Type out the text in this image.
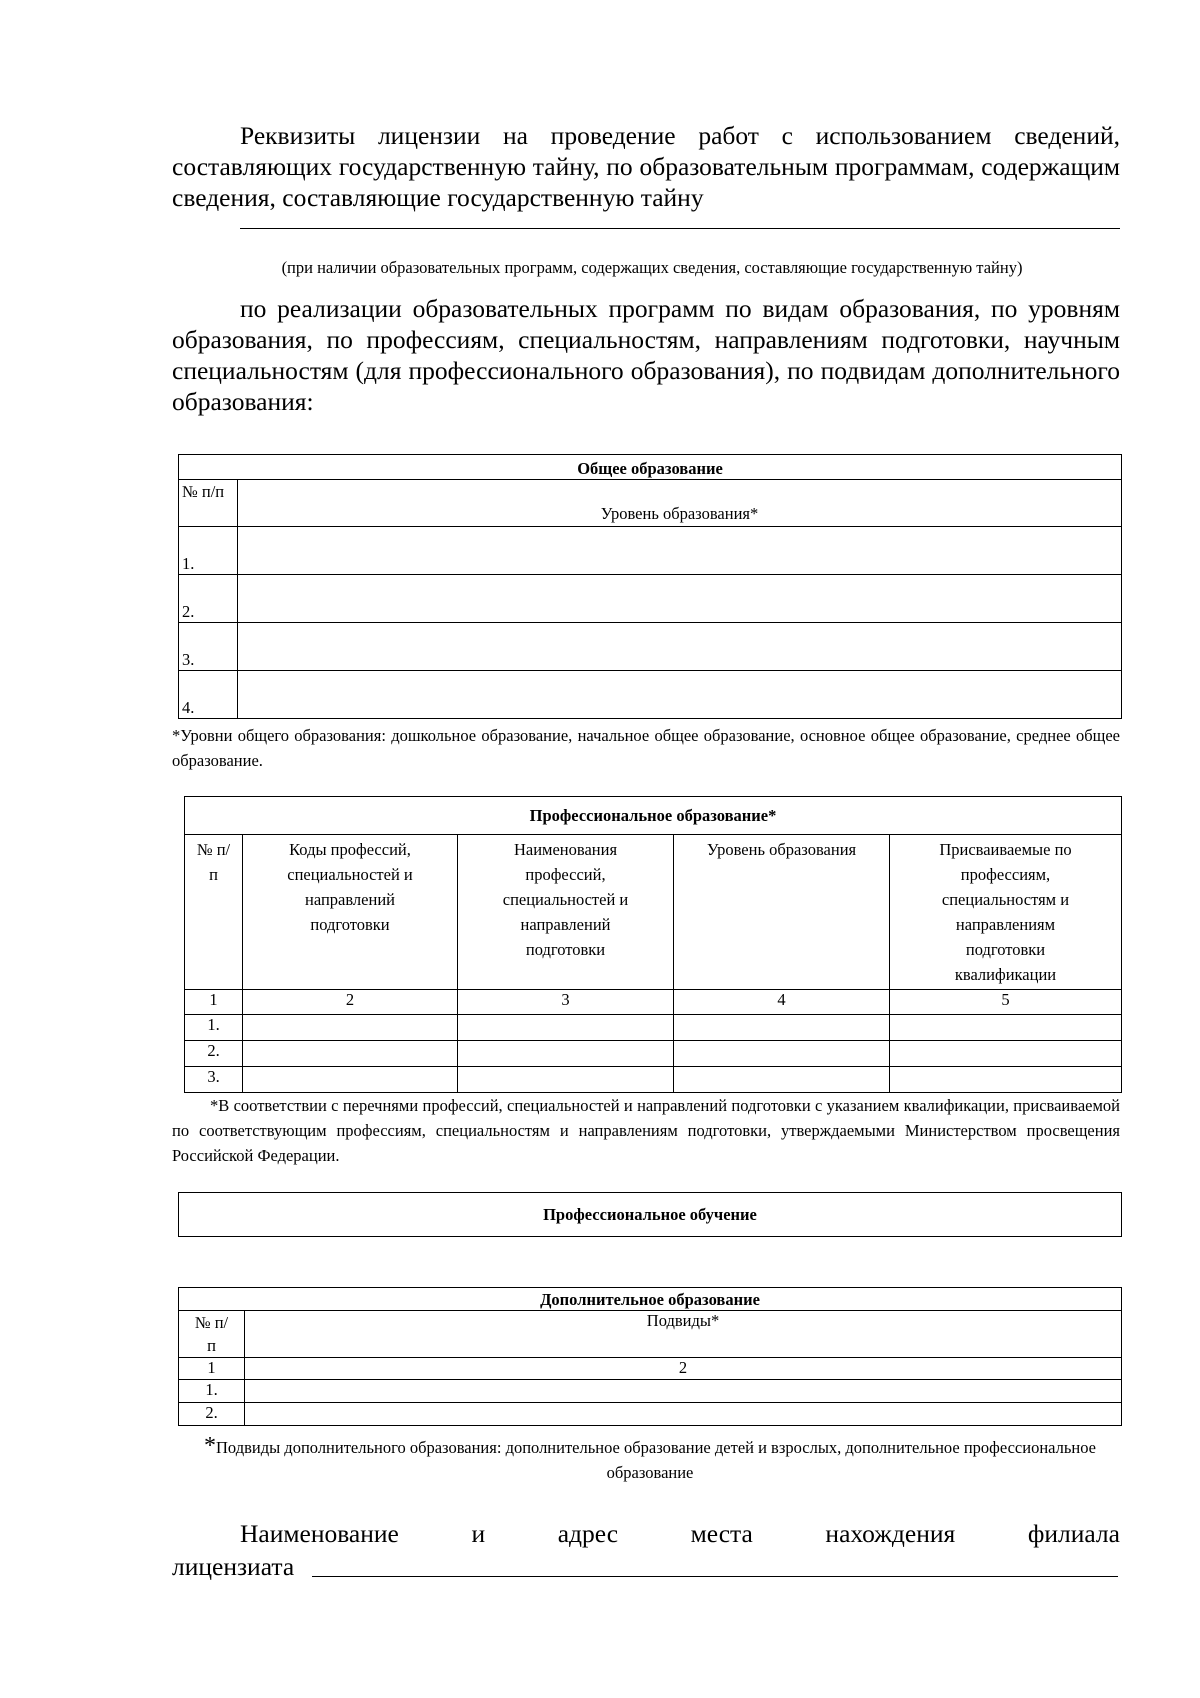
Реквизиты лицензии на проведение работ с использованием сведений, составляющих государственную тайну, по образовательным программам, содержащим сведения, составляющие государственную тайну
(при наличии образовательных программ, содержащих сведения, составляющие государственную тайну)
по реализации образовательных программ по видам образования, по уровням образования, по профессиям, специальностям, направлениям подготовки, научным специальностям (для профессионального образования), по подвидам дополнительного образования:
Общее образование	
№ п/п	Уровень образования*
1.	
2.	
3.	
4.	
*Уровни общего образования: дошкольное образование, начальное общее образование, основное общее образование, среднее общее образование.
Профессиональное образование*				
№ п/п	Коды профессий, специальностей и направлений подготовки	Наименования профессий, специальностей и направлений подготовки	Уровень образования	Присваиваемые по профессиям, специальностям и направлениям подготовки квалификации
1	2	3	4	5
1.				
2.				
3.				
*В соответствии с перечнями профессий, специальностей и направлений подготовки с указанием квалификации, присваиваемой по соответствующим профессиям, специальностям и направлениям подготовки, утверждаемыми Министерством просвещения Российской Федерации.
Профессиональное обучение
Дополнительное образование	
№ п/п	Подвиды*
1	2
1.	
2.	
*Подвиды дополнительного образования: дополнительное образование детей и взрослых, дополнительное профессиональное образование
Наименование	и	адрес	места	нахождения	филиала
лицензиата
